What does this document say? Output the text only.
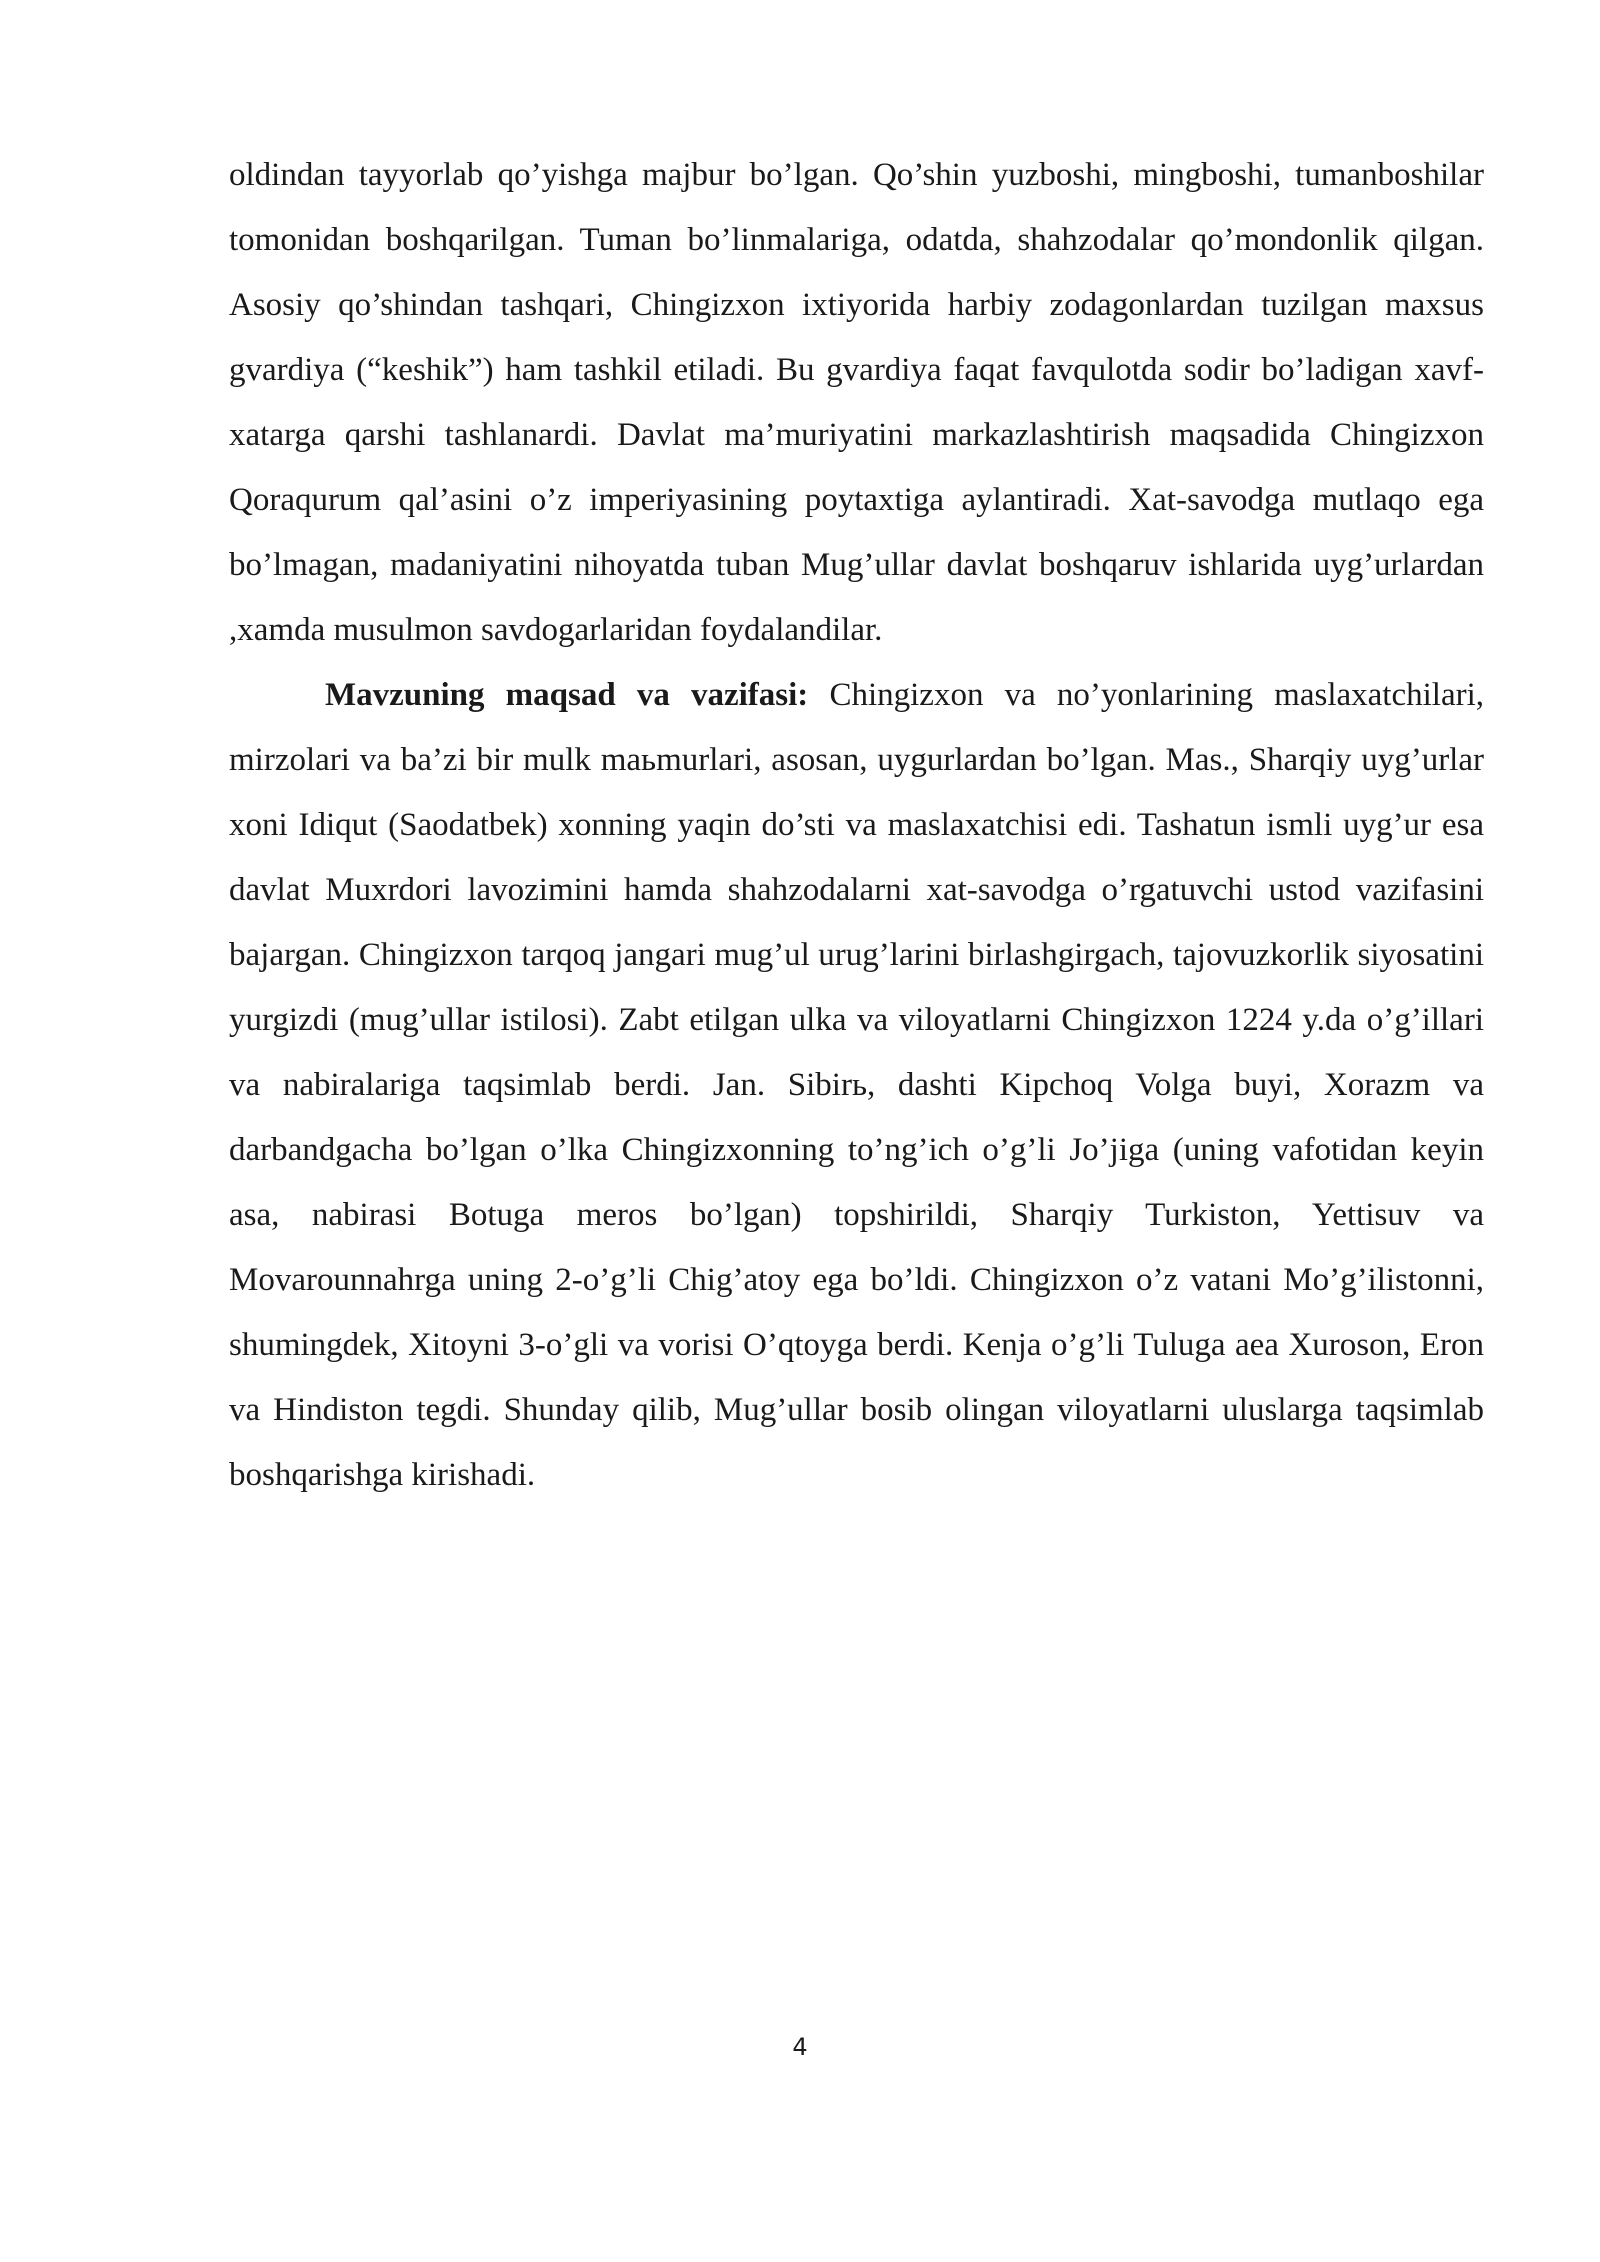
oldindan tayyorlab qo’yishga majbur bo’lgan. Qo’shin yuzboshi, mingboshi, tumanboshilar tomonidan boshqarilgan. Tuman bo’linmalariga, odatda, shahzodalar qo’mondonlik qilgan. Asosiy qo’shindan tashqari, Chingizxon ixtiyorida harbiy zodagonlardan tuzilgan maxsus gvardiya (“keshik”) ham tashkil etiladi. Bu gvardiya faqat favqulotda sodir bo’ladigan xavf-xatarga qarshi tashlanardi. Davlat ma’muriyatini markazlashtirish maqsadida Chingizxon Qoraqurum qal’asini o’z imperiyasining poytaxtiga aylantiradi. Xat-savodga mutlaqo ega bo’lmagan, madaniyatini nihoyatda tuban Mug’ullar davlat boshqaruv ishlarida uyg’urlardan ,xamda musulmon savdogarlaridan foydalandilar.

Mavzuning maqsad va vazifasi: Chingizxon va no’yonlarining maslaxatchilari, mirzolari va ba’zi bir mulk maьmurlari, asosan, uygurlardan bo’lgan. Mas., Sharqiy uyg’urlar xoni Idiqut (Saodatbek) xonning yaqin do’sti va maslaxatchisi edi. Tashatun ismli uyg’ur esa davlat Muxrdori lavozimini hamda shahzodalarni xat-savodga o’rgatuvchi ustod vazifasini bajargan. Chingizxon tarqoq jangari mug’ul urug’larini birlashgirgach, tajovuzkorlik siyosatini yurgizdi (mug’ullar istilosi). Zabt etilgan ulka va viloyatlarni Chingizxon 1224 y.da o’g’illari va nabiralariga taqsimlab berdi. Jan. Sibirь, dashti Kipchoq Volga buyi, Xorazm va darbandgacha bo’lgan o’lka Chingizxonning to’ng’ich o’g’li Jo’jiga (uning vafotidan keyin asa, nabirasi Botuga meros bo’lgan) topshirildi, Sharqiy Turkiston, Yettisuv va Movarounnahrga uning 2-o’g’li Chig’atoy ega bo’ldi. Chingizxon o’z vatani Mo’g’ilistonni, shumingdek, Xitoyni 3-o’gli va vorisi O’qtoyga berdi. Kenja o’g’li Tuluga aea Xuroson, Eron va Hindiston tegdi. Shunday qilib, Mug’ullar bosib olingan viloyatlarni uluslarga taqsimlab boshqarishga kirishadi.

4
